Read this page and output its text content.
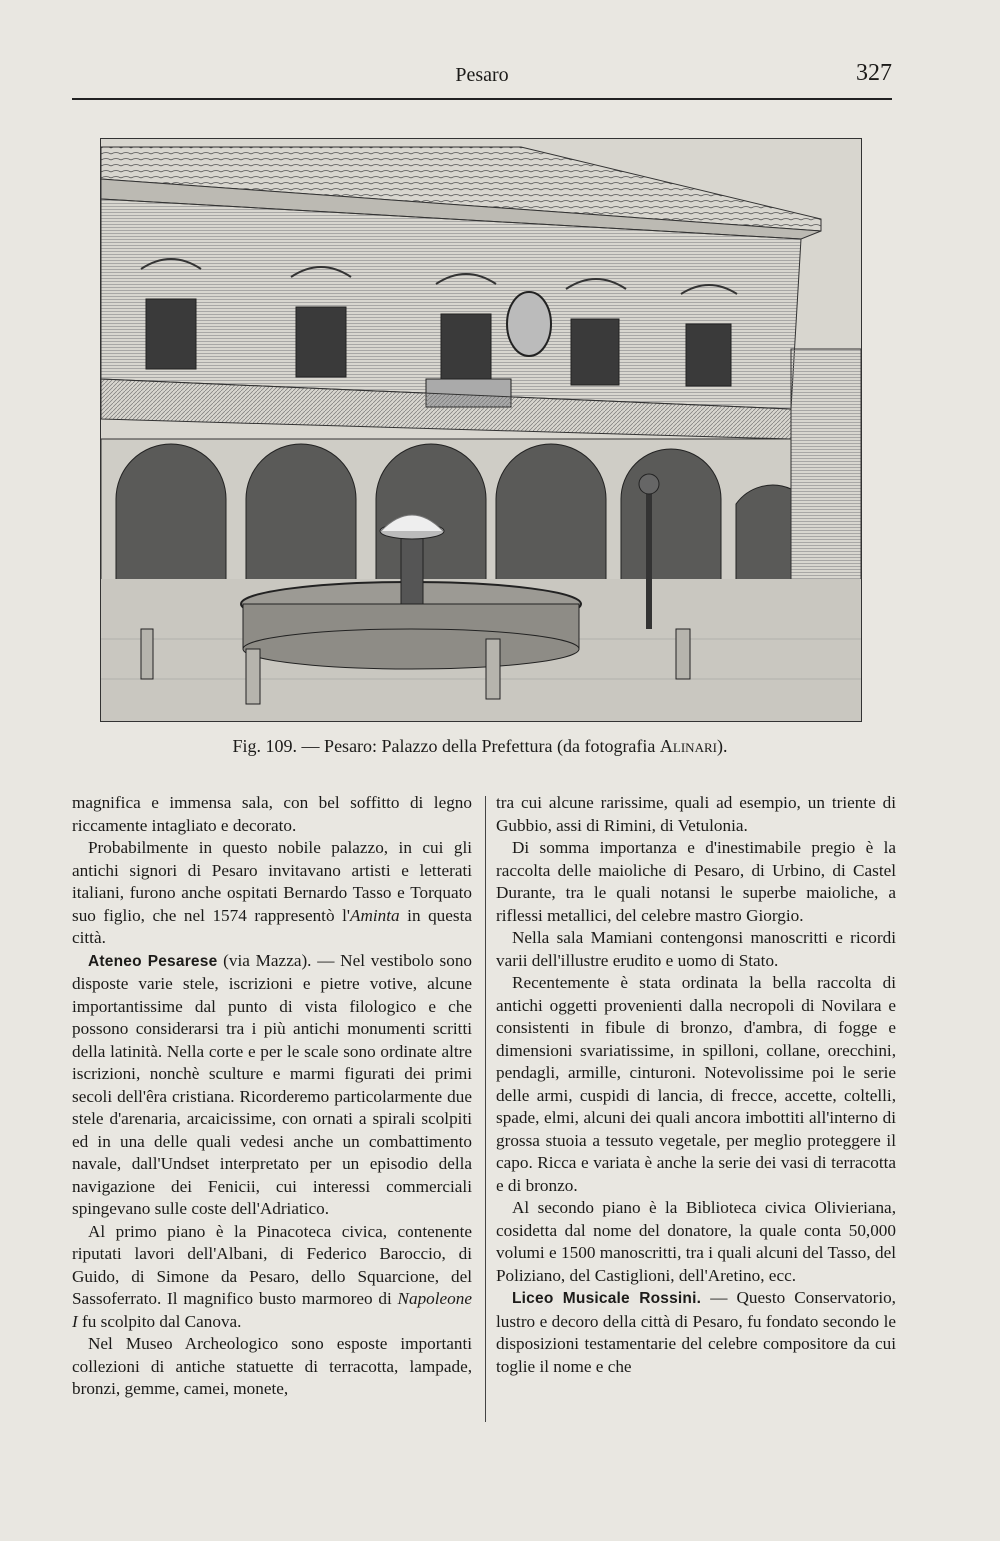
Pesaro	327
Fig. 109. — Pesaro: Palazzo della Prefettura (da fotografia Alinari).

magnifica e immensa sala, con bel soffitto di legno riccamente intagliato e decorato.

Probabilmente in questo nobile palazzo, in cui gli antichi signori di Pesaro invitavano artisti e letterati italiani, furono anche ospitati Bernardo Tasso e Torquato suo figlio, che nel 1574 rappresentò l'Aminta in questa città.

Ateneo Pesarese (via Mazza). — Nel vestibolo sono disposte varie stele, iscrizioni e pietre votive, alcune importantissime dal punto di vista filologico e che possono considerarsi tra i più antichi monumenti scritti della latinità. Nella corte e per le scale sono ordinate altre iscrizioni, nonchè sculture e marmi figurati dei primi secoli dell'êra cristiana. Ricorderemo particolarmente due stele d'arenaria, arcaicissime, con ornati a spirali scolpiti ed in una delle quali vedesi anche un combattimento navale, dall'Undset interpretato per un episodio della navigazione dei Fenicii, cui interessi commerciali spingevano sulle coste dell'Adriatico.

Al primo piano è la Pinacoteca civica, contenente riputati lavori dell'Albani, di Federico Baroccio, di Guido, di Simone da Pesaro, dello Squarcione, del Sassoferrato. Il magnifico busto marmoreo di Napoleone I fu scolpito dal Canova.

Nel Museo Archeologico sono esposte importanti collezioni di antiche statuette di terracotta, lampade, bronzi, gemme, camei, monete,

tra cui alcune rarissime, quali ad esempio, un triente di Gubbio, assi di Rimini, di Vetulonia.

Di somma importanza e d'inestimabile pregio è la raccolta delle maioliche di Pesaro, di Urbino, di Castel Durante, tra le quali notansi le superbe maioliche, a riflessi metallici, del celebre mastro Giorgio.

Nella sala Mamiani contengonsi manoscritti e ricordi varii dell'illustre erudito e uomo di Stato.

Recentemente è stata ordinata la bella raccolta di antichi oggetti provenienti dalla necropoli di Novilara e consistenti in fibule di bronzo, d'ambra, di fogge e dimensioni svariatissime, in spilloni, collane, orecchini, pendagli, armille, cinturoni. Notevolissime poi le serie delle armi, cuspidi di lancia, di frecce, accette, coltelli, spade, elmi, alcuni dei quali ancora imbottiti all'interno di grossa stuoia a tessuto vegetale, per meglio proteggere il capo. Ricca e variata è anche la serie dei vasi di terracotta e di bronzo.

Al secondo piano è la Biblioteca civica Olivieriana, cosidetta dal nome del donatore, la quale conta 50,000 volumi e 1500 manoscritti, tra i quali alcuni del Tasso, del Poliziano, del Castiglioni, dell'Aretino, ecc.

Liceo Musicale Rossini. — Questo Conservatorio, lustro e decoro della città di Pesaro, fu fondato secondo le disposizioni testamentarie del celebre compositore da cui toglie il nome e che
